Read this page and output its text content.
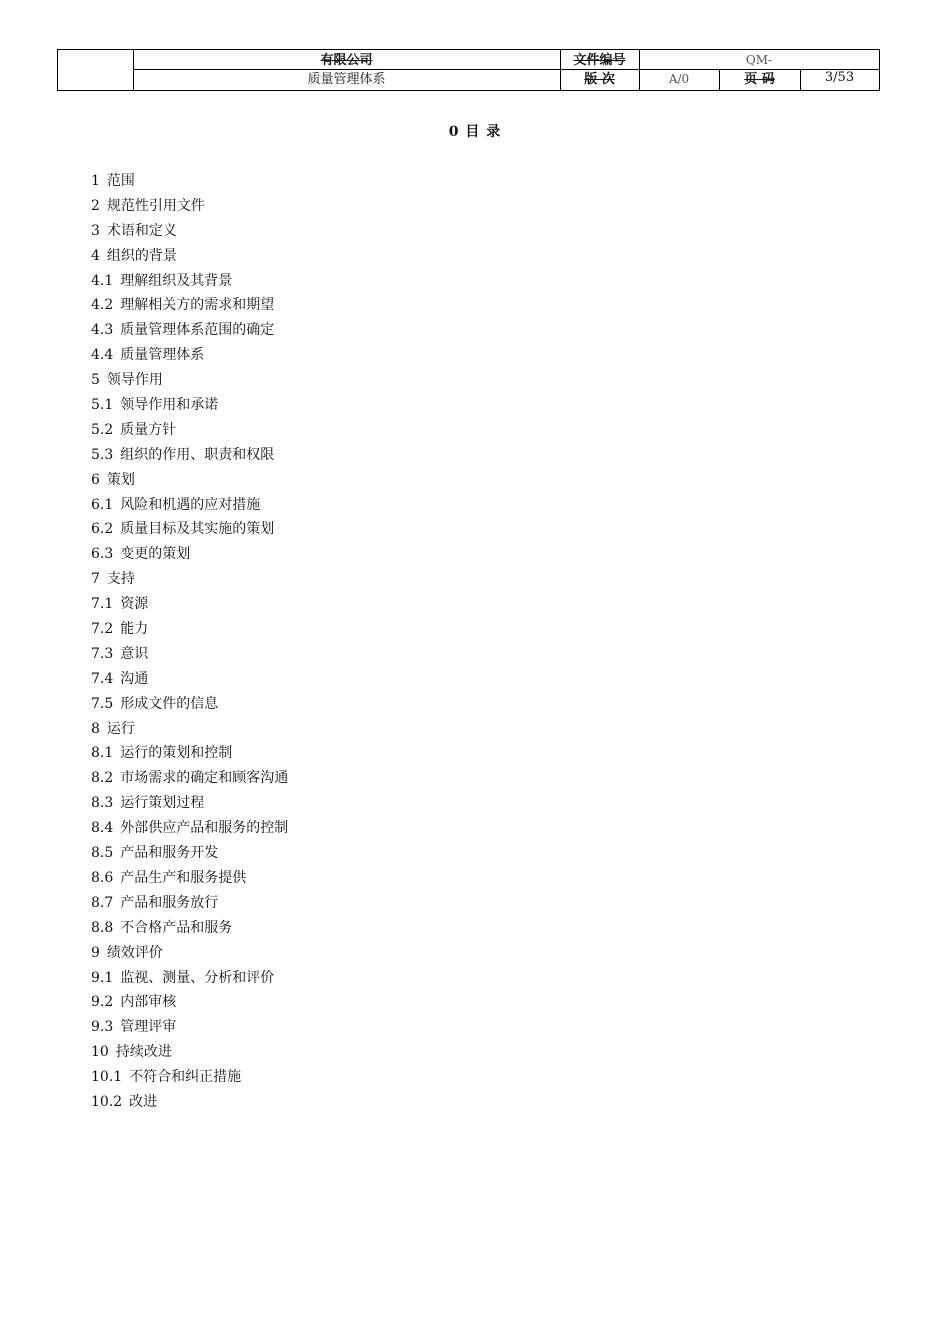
有限公司	文件编号	QM-
质量管理体系	版 次	A/0	页 码	3/53
0 目 录
1 范围
2 规范性引用文件
3 术语和定义
4 组织的背景
4.1 理解组织及其背景
4.2 理解相关方的需求和期望
4.3 质量管理体系范围的确定
4.4 质量管理体系
5 领导作用
5.1 领导作用和承诺
5.2 质量方针
5.3 组织的作用、职责和权限
6 策划
6.1 风险和机遇的应对措施
6.2 质量目标及其实施的策划
6.3 变更的策划
7 支持
7.1 资源
7.2 能力
7.3 意识
7.4 沟通
7.5 形成文件的信息
8 运行
8.1 运行的策划和控制
8.2 市场需求的确定和顾客沟通
8.3 运行策划过程
8.4 外部供应产品和服务的控制
8.5 产品和服务开发
8.6 产品生产和服务提供
8.7 产品和服务放行
8.8 不合格产品和服务
9 绩效评价
9.1 监视、测量、分析和评价
9.2 内部审核
9.3 管理评审
10 持续改进
10.1 不符合和纠正措施
10.2 改进
